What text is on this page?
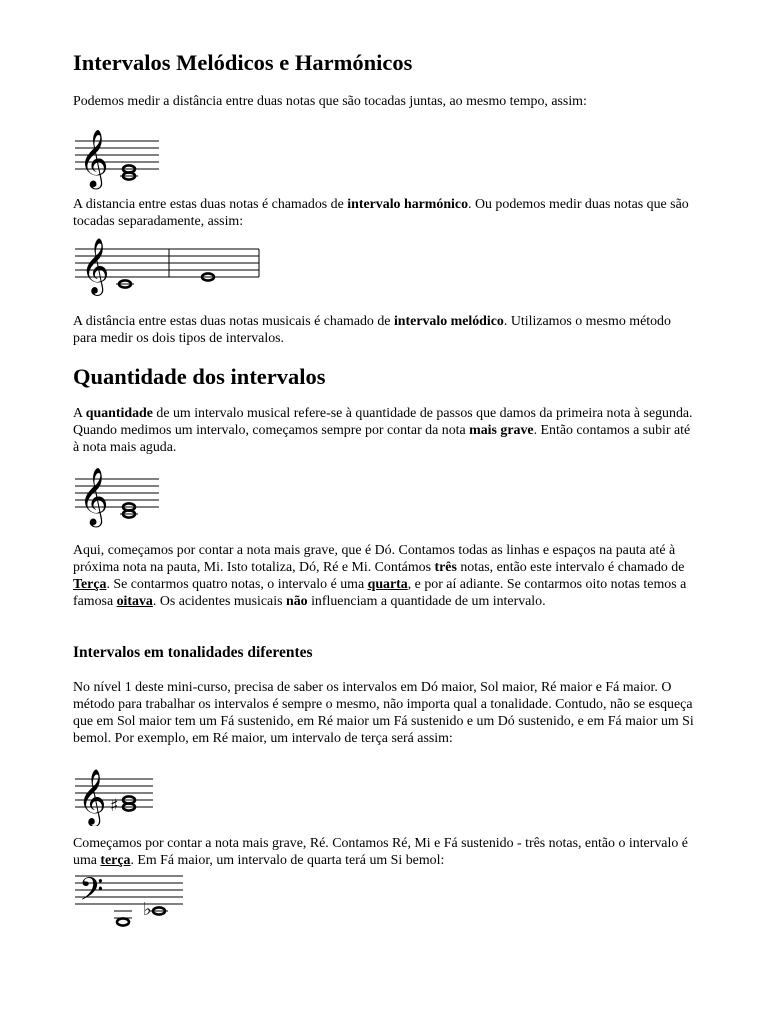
Intervalos Melódicos e Harmónicos

Podemos medir a distância entre duas notas que são tocadas juntas, ao mesmo tempo, assim:

𝄞

A distancia entre estas duas notas é chamados de intervalo harmónico. Ou podemos medir duas notas que são tocadas separadamente, assim:

𝄞

A distância entre estas duas notas musicais é chamado de intervalo melódico. Utilizamos o mesmo método para medir os dois tipos de intervalos.

Quantidade dos intervalos

A quantidade de um intervalo musical refere-se à quantidade de passos que damos da primeira nota à segunda. Quando medimos um intervalo, começamos sempre por contar da nota mais grave. Então contamos a subir até à nota mais aguda.

𝄞

Aqui, começamos por contar a nota mais grave, que é Dó. Contamos todas as linhas e espaços na pauta até à próxima nota na pauta, Mi. Isto totaliza, Dó, Ré e Mi. Contámos três notas, então este intervalo é chamado de Terça. Se contarmos quatro notas, o intervalo é uma quarta, e por aí adiante. Se contarmos oito notas temos a famosa oitava. Os acidentes musicais não influenciam a quantidade de um intervalo.

Intervalos em tonalidades diferentes

No nível 1 deste mini-curso, precisa de saber os intervalos em Dó maior, Sol maior, Ré maior e Fá maior. O método para trabalhar os intervalos é sempre o mesmo, não importa qual a tonalidade. Contudo, não se esqueça que em Sol maior tem um Fá sustenido, em Ré maior um Fá sustenido e um Dó sustenido, e em Fá maior um Si bemol. Por exemplo, em Ré maior, um intervalo de terça será assim:

𝄞 ♯

Começamos por contar a nota mais grave, Ré. Contamos Ré, Mi e Fá sustenido - três notas, então o intervalo é uma terça. Em Fá maior, um intervalo de quarta terá um Si bemol:

𝄢 ♭
